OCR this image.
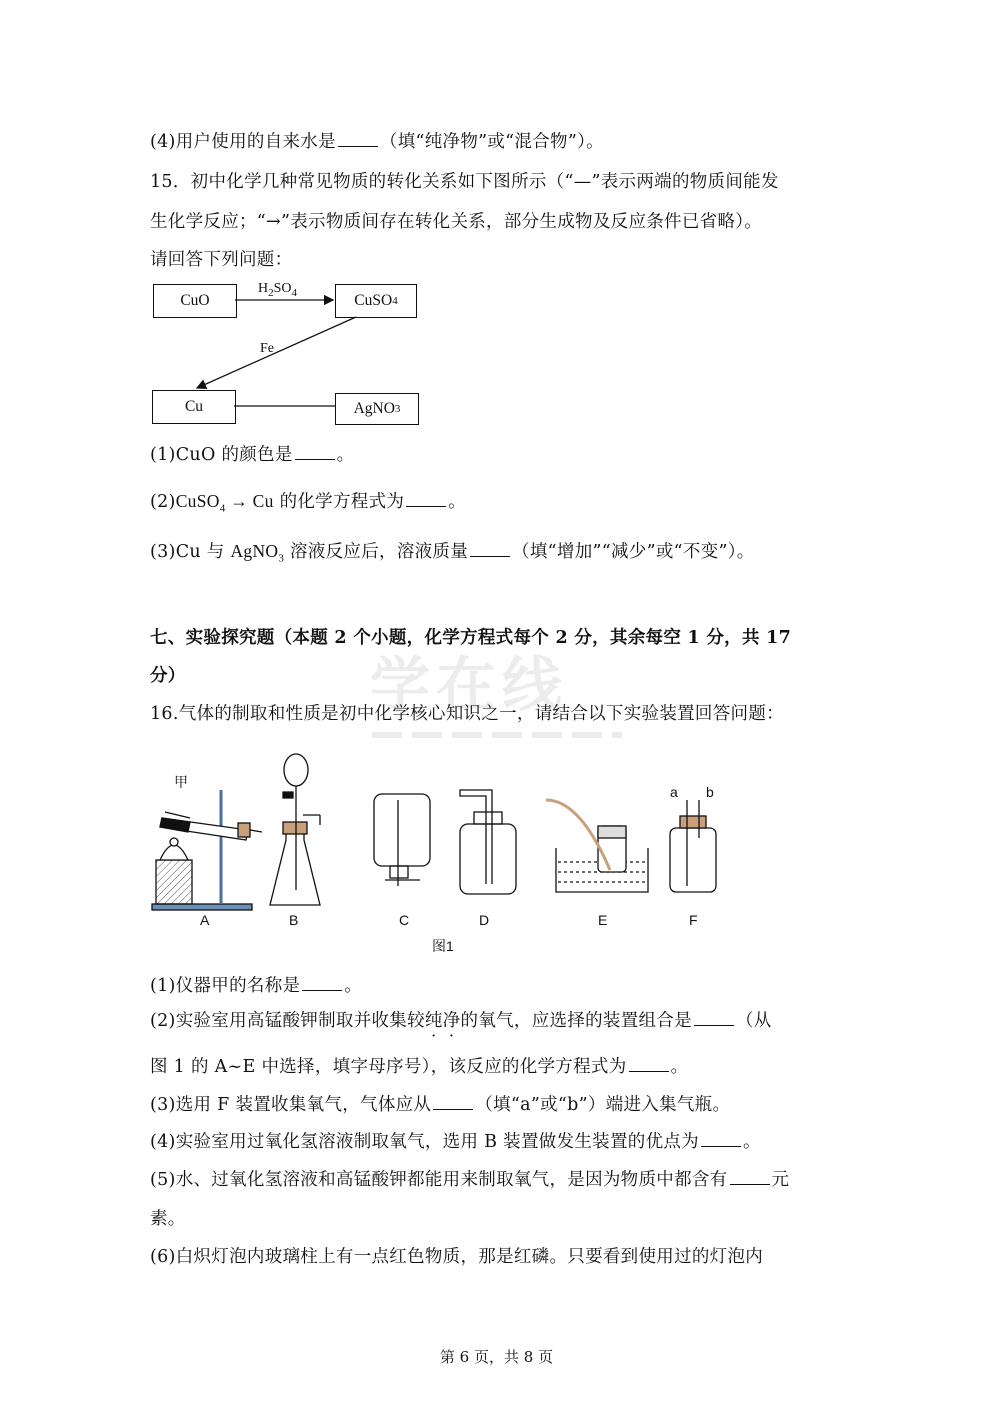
学在线
(4)用户使用的自来水是	（填“纯净物”或“混合物”）。
15．初中化学几种常见物质的转化关系如下图所示（“—”表示两端的物质间能发
生化学反应；“→”表示物质间存在转化关系，部分生成物及反应条件已省略）。
请回答下列问题：
CuO	CuSO 4
Cu	AgNO 3
$H_2SO_4$
Fe
(1)CuO 的颜色是	。
(2)CuSO$_4$ → Cu 的化学方程式为	。
(3)Cu 与 AgNO$_3$ 溶液反应后，溶液质量	（填“增加”“减少”或“不变”）。
七、实验探究题（本题 2 个小题，化学方程式每个 2 分，其余每空 1 分，共 17
分）
16.气体的制取和性质是初中化学核心知识之一，请结合以下实验装置回答问题：
甲
a b
A	B	C	D	E	F
图1
(1)仪器甲的名称是	。
(2)实验室用高锰酸钾制取并收集较纯净的氧气，应选择的装置组合是	（从
图 1 的 A~E 中选择，填字母序号），该反应的化学方程式为	。
(3)选用 F 装置收集氧气，气体应从	（填“a”或“b”）端进入集气瓶。
(4)实验室用过氧化氢溶液制取氧气，选用 B 装置做发生装置的优点为	。
(5)水、过氧化氢溶液和高锰酸钾都能用来制取氧气，是因为物质中都含有	元
素。
(6)白炽灯泡内玻璃柱上有一点红色物质，那是红磷。只要看到使用过的灯泡内
第 6 页，共 8 页
